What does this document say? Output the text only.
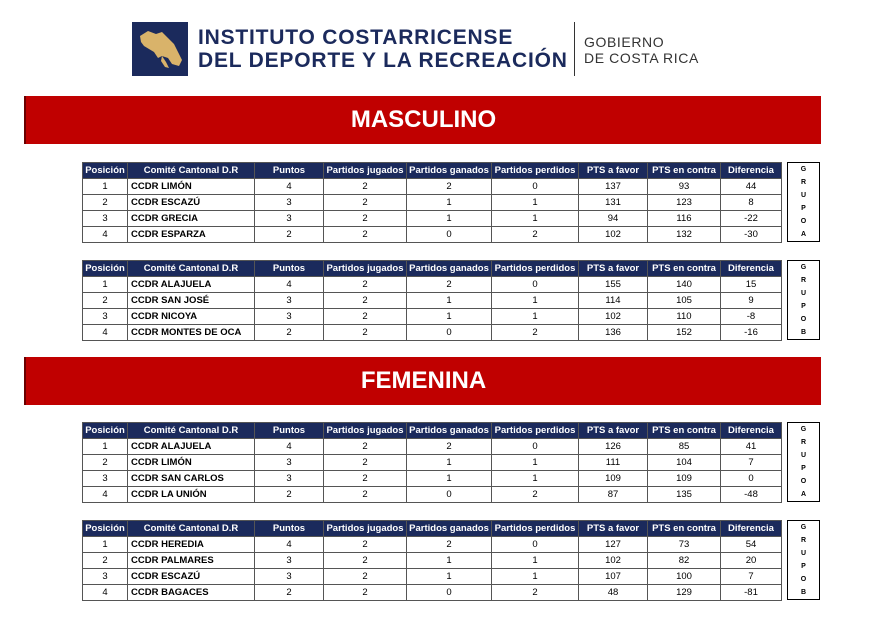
INSTITUTO COSTARRICENSE
DEL DEPORTE Y LA RECREACIÓN
GOBIERNO
DE COSTA RICA
MASCULINO
Posición	Comité Cantonal D.R	Puntos	Partidos jugados	Partidos ganados	Partidos perdidos	PTS a favor	PTS en contra	Diferencia
1	CCDR LIMÓN	4	2	2	0	137	93	44
2	CCDR ESCAZÚ	3	2	1	1	131	123	8
3	CCDR GRECIA	3	2	1	1	94	116	-22
4	CCDR ESPARZA	2	2	0	2	102	132	-30
G
R
U
P
O
A
Posición	Comité Cantonal D.R	Puntos	Partidos jugados	Partidos ganados	Partidos perdidos	PTS a favor	PTS en contra	Diferencia
1	CCDR ALAJUELA	4	2	2	0	155	140	15
2	CCDR SAN JOSÉ	3	2	1	1	114	105	9
3	CCDR NICOYA	3	2	1	1	102	110	-8
4	CCDR MONTES DE OCA	2	2	0	2	136	152	-16
G
R
U
P
O
B
FEMENINA
Posición	Comité Cantonal D.R	Puntos	Partidos jugados	Partidos ganados	Partidos perdidos	PTS a favor	PTS en contra	Diferencia
1	CCDR ALAJUELA	4	2	2	0	126	85	41
2	CCDR LIMÓN	3	2	1	1	111	104	7
3	CCDR SAN CARLOS	3	2	1	1	109	109	0
4	CCDR LA UNIÓN	2	2	0	2	87	135	-48
G
R
U
P
O
A
Posición	Comité Cantonal D.R	Puntos	Partidos jugados	Partidos ganados	Partidos perdidos	PTS a favor	PTS en contra	Diferencia
1	CCDR HEREDIA	4	2	2	0	127	73	54
2	CCDR PALMARES	3	2	1	1	102	82	20
3	CCDR ESCAZÚ	3	2	1	1	107	100	7
4	CCDR BAGACES	2	2	0	2	48	129	-81
G
R
U
P
O
B
